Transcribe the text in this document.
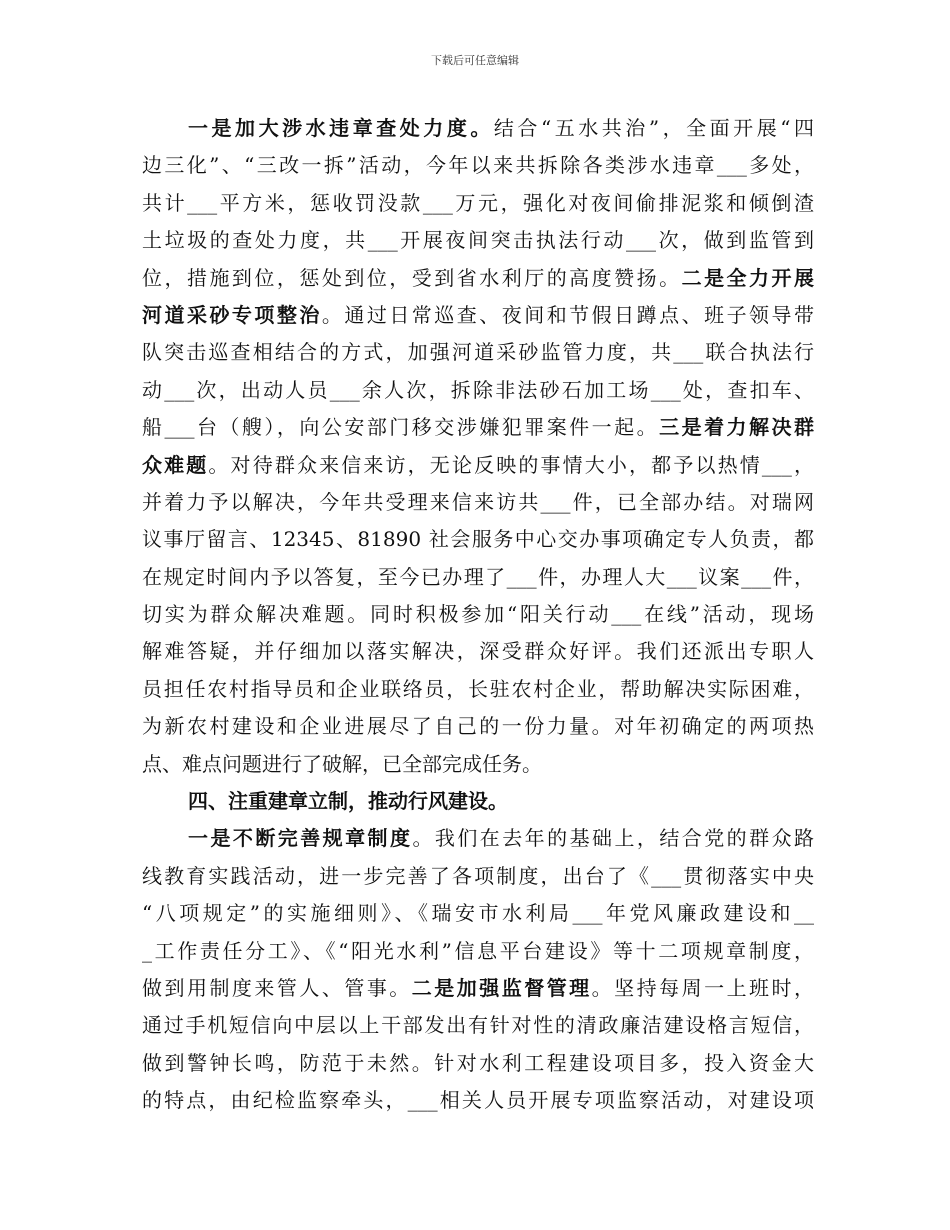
下载后可任意编辑
一是加大涉水违章查处力度。结合“五水共治”，全面开展“四
边三化”、“三改一拆”活动，今年以来共拆除各类涉水违章___多处，
共计___平方米，惩收罚没款___万元，强化对夜间偷排泥浆和倾倒渣
土垃圾的查处力度，共___开展夜间突击执法行动___次，做到监管到
位，措施到位，惩处到位，受到省水利厅的高度赞扬。二是全力开展
河道采砂专项整治。通过日常巡查、夜间和节假日蹲点、班子领导带
队突击巡查相结合的方式，加强河道采砂监管力度，共___联合执法行
动___次，出动人员___余人次，拆除非法砂石加工场___处，查扣车、
船___台（艘），向公安部门移交涉嫌犯罪案件一起。三是着力解决群
众难题。对待群众来信来访，无论反映的事情大小，都予以热情___，
并着力予以解决，今年共受理来信来访共___件，已全部办结。对瑞网
议事厅留言、12345、81890 社会服务中心交办事项确定专人负责，都
在规定时间内予以答复，至今已办理了___件，办理人大___议案___件，
切实为群众解决难题。同时积极参加“阳关行动___在线”活动，现场
解难答疑，并仔细加以落实解决，深受群众好评。我们还派出专职人
员担任农村指导员和企业联络员，长驻农村企业，帮助解决实际困难，
为新农村建设和企业进展尽了自己的一份力量。对年初确定的两项热
点、难点问题进行了破解，已全部完成任务。
四、注重建章立制，推动行风建设。
一是不断完善规章制度。我们在去年的基础上，结合党的群众路
线教育实践活动，进一步完善了各项制度，出台了《___贯彻落实中央
“八项规定”的实施细则》、《瑞安市水利局___年党风廉政建设和__
_工作责任分工》、《“阳光水利”信息平台建设》等十二项规章制度，
做到用制度来管人、管事。二是加强监督管理。坚持每周一上班时，
通过手机短信向中层以上干部发出有针对性的清政廉洁建设格言短信，
做到警钟长鸣，防范于未然。针对水利工程建设项目多，投入资金大
的特点，由纪检监察牵头，___相关人员开展专项监察活动，对建设项
